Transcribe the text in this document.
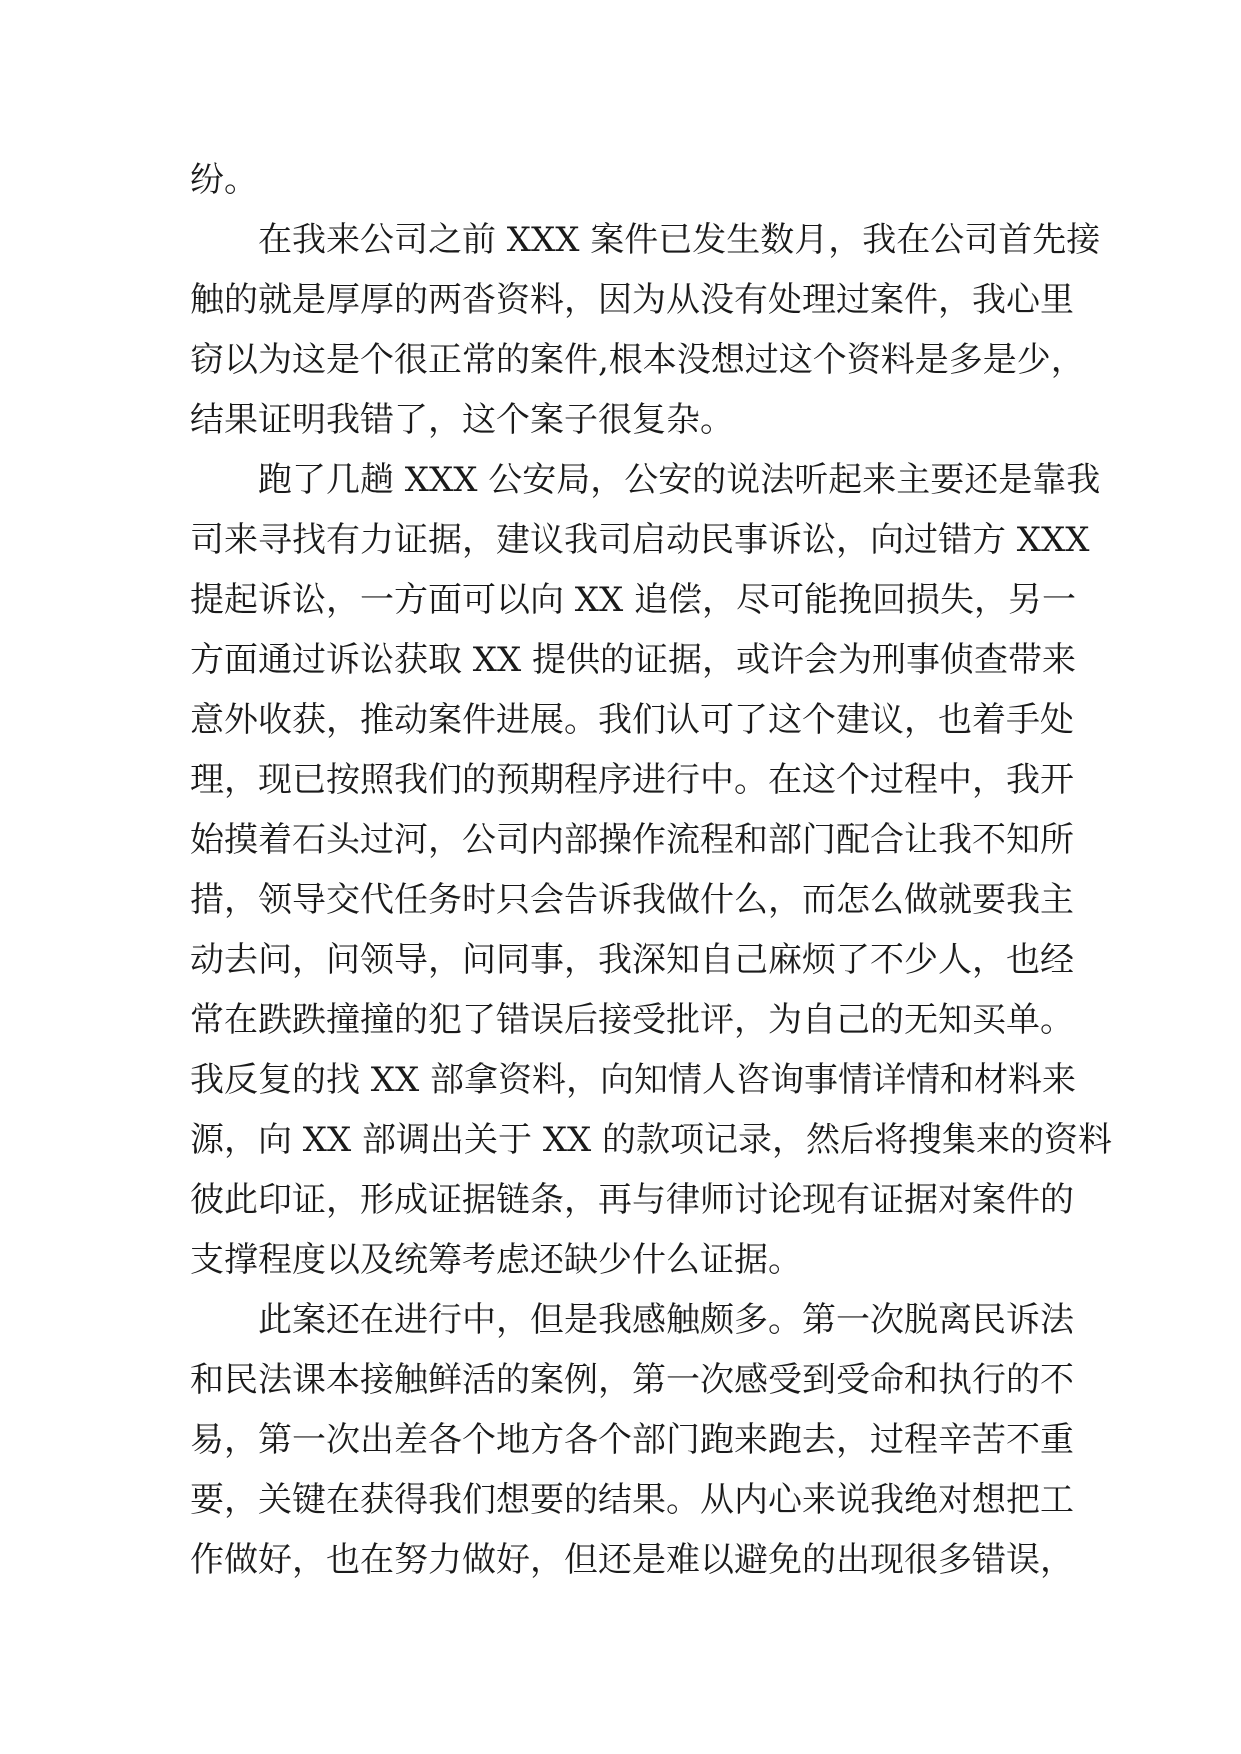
纷。
在我来公司之前 XXX 案件已发生数月，我在公司首先接
触的就是厚厚的两沓资料，因为从没有处理过案件，我心里
窃以为这是个很正常的案件,根本没想过这个资料是多是少，
结果证明我错了，这个案子很复杂。
跑了几趟 XXX 公安局，公安的说法听起来主要还是靠我
司来寻找有力证据，建议我司启动民事诉讼，向过错方 XXX
提起诉讼，一方面可以向 XX 追偿，尽可能挽回损失，另一
方面通过诉讼获取 XX 提供的证据，或许会为刑事侦查带来
意外收获，推动案件进展。我们认可了这个建议，也着手处
理，现已按照我们的预期程序进行中。在这个过程中，我开
始摸着石头过河，公司内部操作流程和部门配合让我不知所
措，领导交代任务时只会告诉我做什么，而怎么做就要我主
动去问，问领导，问同事，我深知自己麻烦了不少人，也经
常在跌跌撞撞的犯了错误后接受批评，为自己的无知买单。
我反复的找 XX 部拿资料，向知情人咨询事情详情和材料来
源，向 XX 部调出关于 XX 的款项记录，然后将搜集来的资料
彼此印证，形成证据链条，再与律师讨论现有证据对案件的
支撑程度以及统筹考虑还缺少什么证据。
此案还在进行中，但是我感触颇多。第一次脱离民诉法
和民法课本接触鲜活的案例，第一次感受到受命和执行的不
易，第一次出差各个地方各个部门跑来跑去，过程辛苦不重
要，关键在获得我们想要的结果。从内心来说我绝对想把工
作做好，也在努力做好，但还是难以避免的出现很多错误，
